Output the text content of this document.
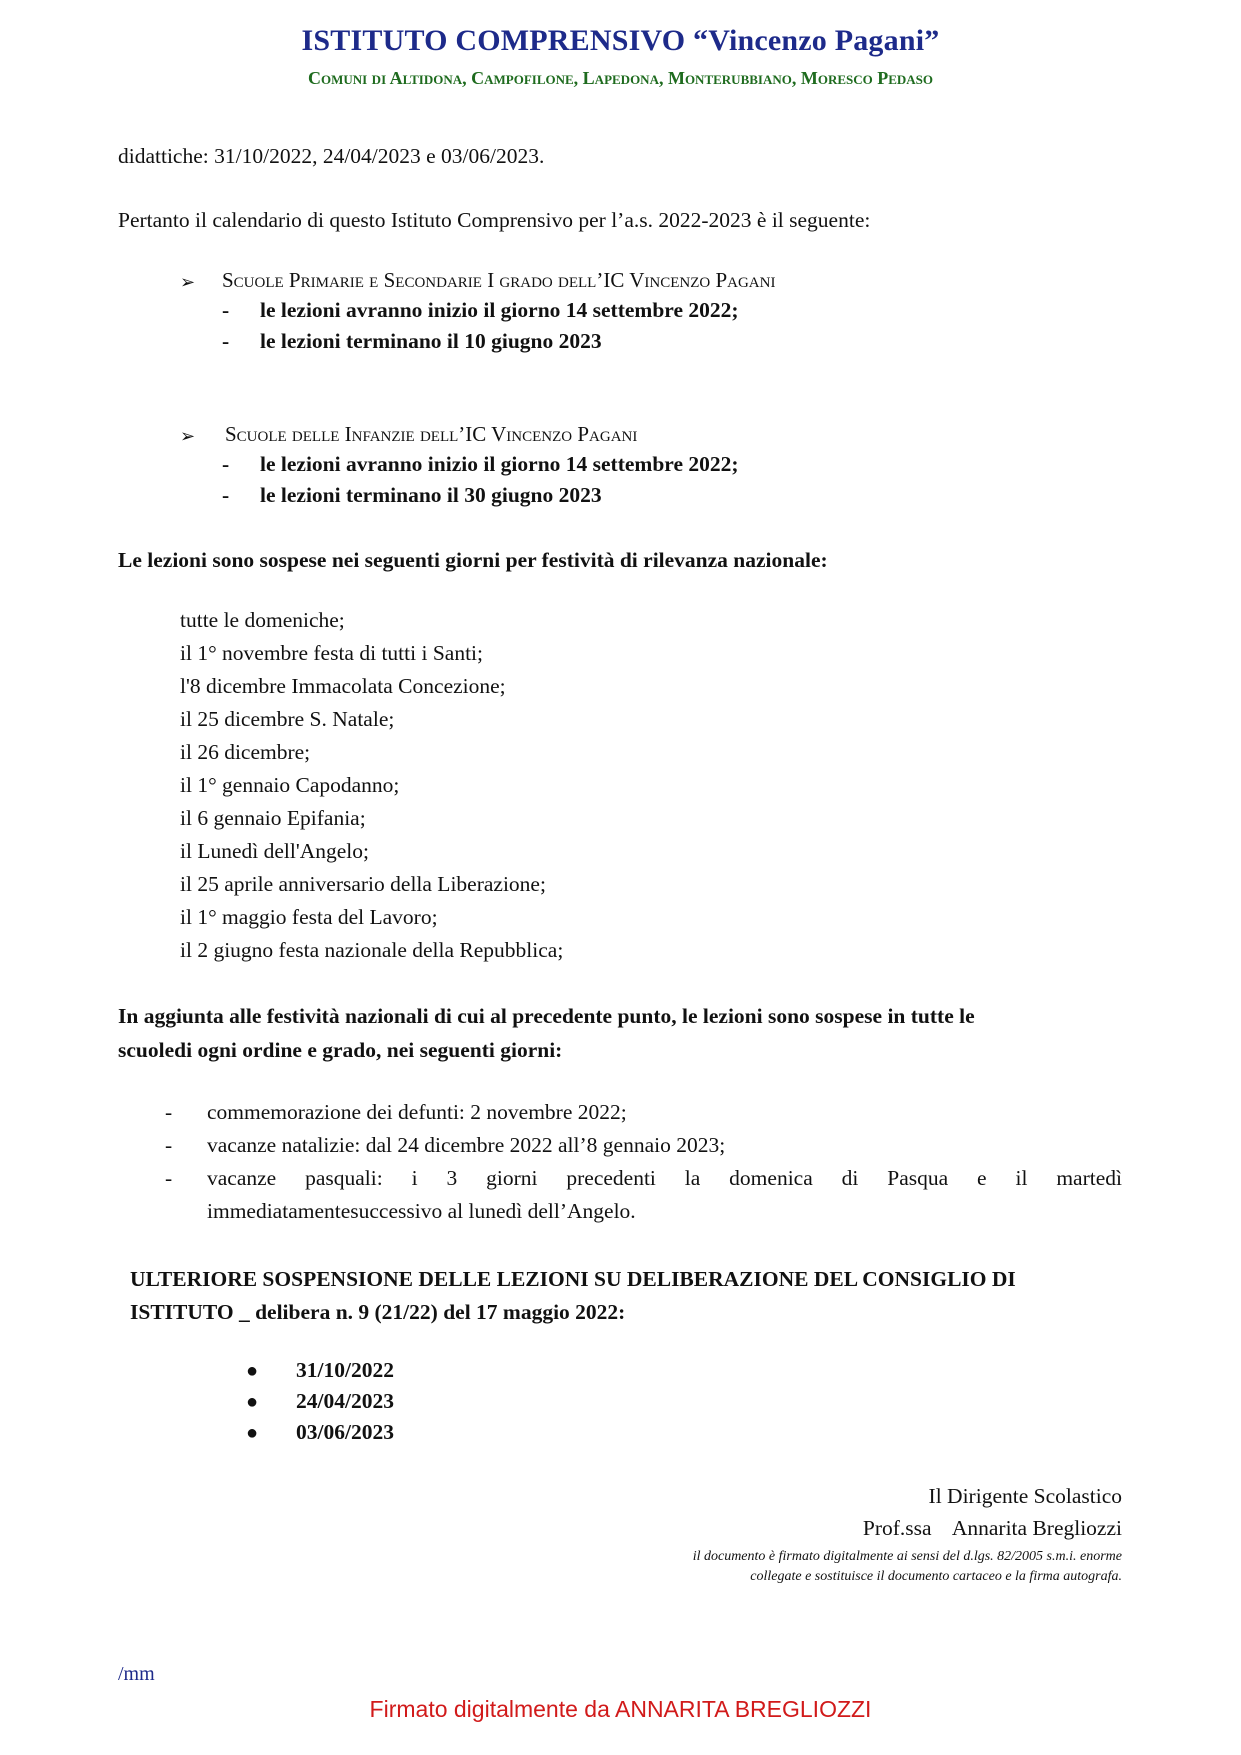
ISTITUTO COMPRENSIVO “Vincenzo Pagani”
Comuni di Altidona, Campofilone, Lapedona, Monterubbiano, Moresco Pedaso
didattiche: 31/10/2022, 24/04/2023 e 03/06/2023.
Pertanto il calendario di questo Istituto Comprensivo per l’a.s. 2022-2023 è il seguente:
➢ Scuole Primarie e Secondarie I grado dell’IC Vincenzo Pagani
- le lezioni avranno inizio il giorno 14 settembre 2022;
- le lezioni terminano il 10 giugno 2023
➢ Scuole delle Infanzie dell’IC Vincenzo Pagani
- le lezioni avranno inizio il giorno 14 settembre 2022;
- le lezioni terminano il 30 giugno 2023
Le lezioni sono sospese nei seguenti giorni per festività di rilevanza nazionale:
tutte le domeniche;
il 1° novembre festa di tutti i Santi;
l'8 dicembre Immacolata Concezione;
il 25 dicembre S. Natale;
il 26 dicembre;
il 1° gennaio Capodanno;
il 6 gennaio Epifania;
il Lunedì dell'Angelo;
il 25 aprile anniversario della Liberazione;
il 1° maggio festa del Lavoro;
il 2 giugno festa nazionale della Repubblica;
In aggiunta alle festività nazionali di cui al precedente punto, le lezioni sono sospese in tutte le
scuoledi ogni ordine e grado, nei seguenti giorni:
- commemorazione dei defunti: 2 novembre 2022;
- vacanze natalizie: dal 24 dicembre 2022 all’8 gennaio 2023;
- vacanze pasquali: i 3 giorni precedenti la domenica di Pasqua e il martedì
immediatamentesuccessivo al lunedì dell’Angelo.
ULTERIORE SOSPENSIONE DELLE LEZIONI SU DELIBERAZIONE DEL CONSIGLIO DI
ISTITUTO _ delibera n. 9 (21/22) del 17 maggio 2022:
● 31/10/2022
● 24/04/2023
● 03/06/2023
Il Dirigente Scolastico
Prof.ssa    Annarita Bregliozzi
il documento è firmato digitalmente ai sensi del d.lgs. 82/2005 s.m.i. enorme
collegate e sostituisce il documento cartaceo e la firma autografa.
/mm
Firmato digitalmente da ANNARITA BREGLIOZZI
